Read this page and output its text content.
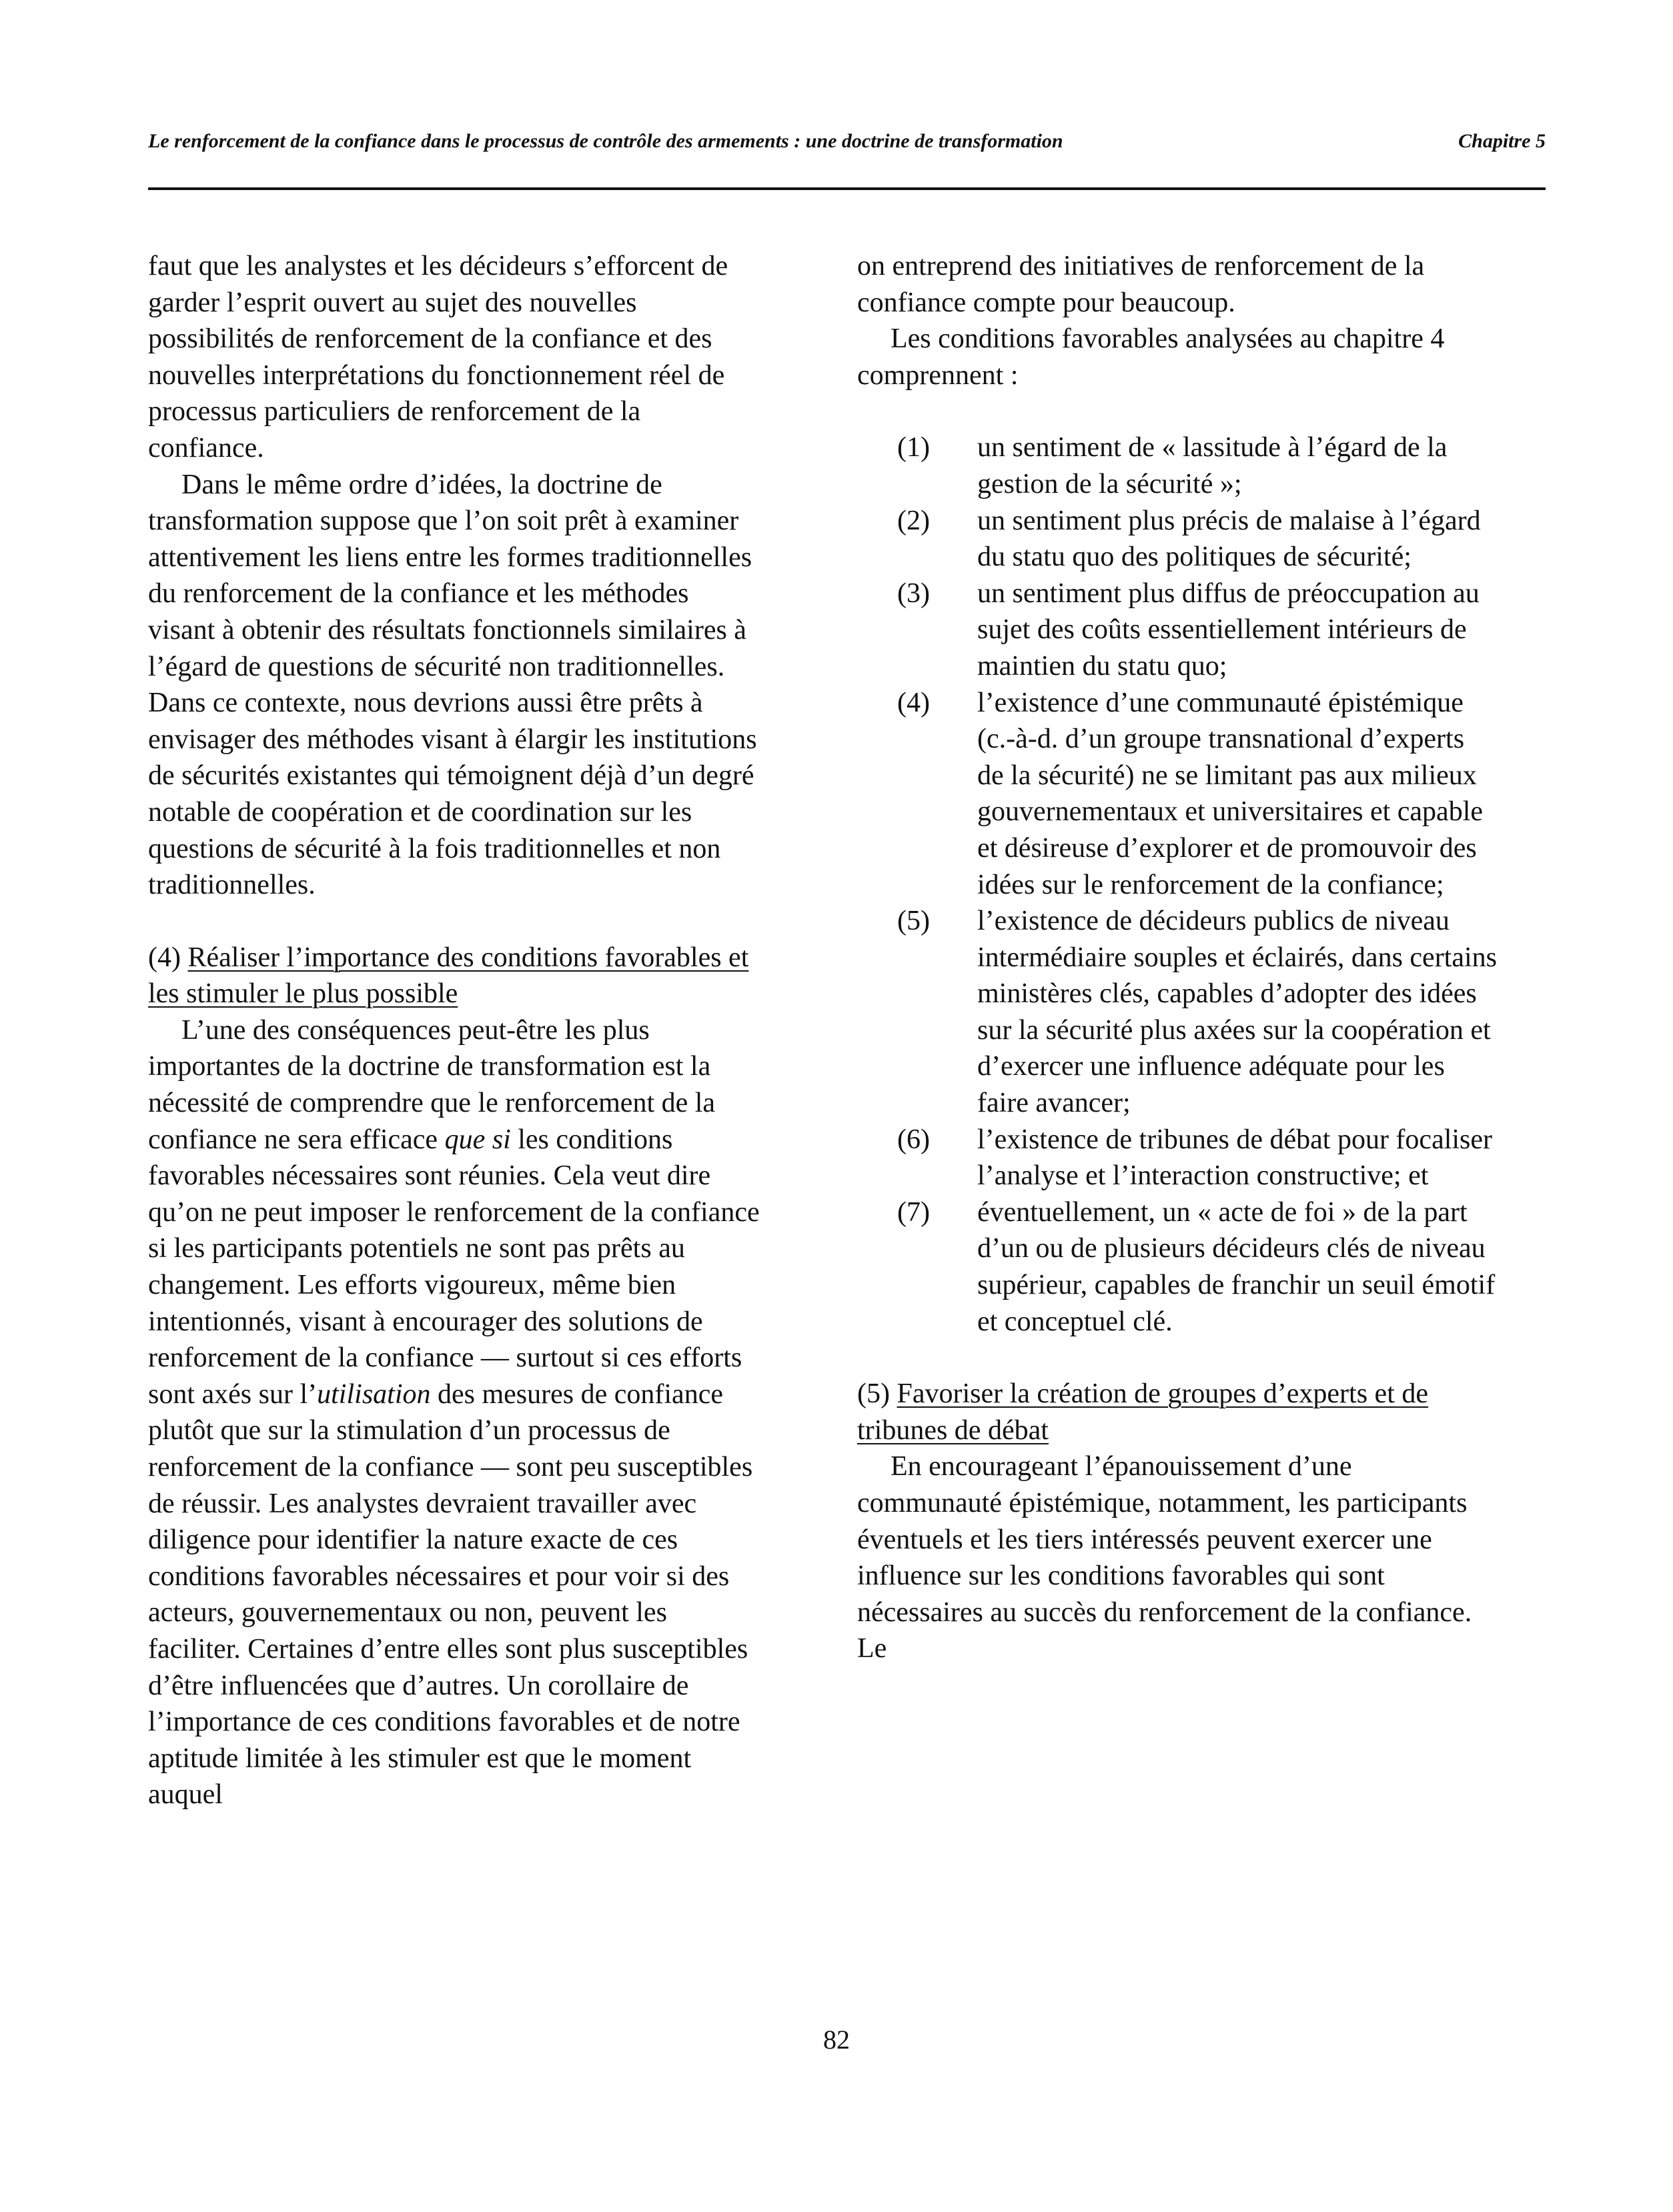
Le renforcement de la confiance dans le processus de contrôle des armements : une doctrine de transformation	Chapitre 5

faut que les analystes et les décideurs s’efforcent de garder l’esprit ouvert au sujet des nouvelles possibilités de renforcement de la confiance et des nouvelles interprétations du fonctionnement réel de processus particuliers de renforcement de la confiance.

Dans le même ordre d’idées, la doctrine de transformation suppose que l’on soit prêt à examiner attentivement les liens entre les formes traditionnelles du renforcement de la confiance et les méthodes visant à obtenir des résultats fonctionnels similaires à l’égard de questions de sécurité non traditionnelles. Dans ce contexte, nous devrions aussi être prêts à envisager des méthodes visant à élargir les institutions de sécurités existantes qui témoignent déjà d’un degré notable de coopération et de coordination sur les questions de sécurité à la fois traditionnelles et non traditionnelles.

(4) Réaliser l’importance des conditions favorables et les stimuler le plus possible

L’une des conséquences peut-être les plus importantes de la doctrine de transformation est la nécessité de comprendre que le renforcement de la confiance ne sera efficace que si les conditions favorables nécessaires sont réunies. Cela veut dire qu’on ne peut imposer le renforcement de la confiance si les participants potentiels ne sont pas prêts au changement. Les efforts vigoureux, même bien intentionnés, visant à encourager des solutions de renforcement de la confiance — surtout si ces efforts sont axés sur l’utilisation des mesures de confiance plutôt que sur la stimulation d’un processus de renforcement de la confiance — sont peu susceptibles de réussir. Les analystes devraient travailler avec diligence pour identifier la nature exacte de ces conditions favorables nécessaires et pour voir si des acteurs, gouvernementaux ou non, peuvent les faciliter. Certaines d’entre elles sont plus susceptibles d’être influencées que d’autres. Un corollaire de l’importance de ces conditions favorables et de notre aptitude limitée à les stimuler est que le moment auquel

on entreprend des initiatives de renforcement de la confiance compte pour beaucoup.

Les conditions favorables analysées au chapitre 4 comprennent :

(1) un sentiment de « lassitude à l’égard de la gestion de la sécurité »;
(2) un sentiment plus précis de malaise à l’égard du statu quo des politiques de sécurité;
(3) un sentiment plus diffus de préoccupation au sujet des coûts essentiellement intérieurs de maintien du statu quo;
(4) l’existence d’une communauté épistémique (c.-à-d. d’un groupe transnational d’experts de la sécurité) ne se limitant pas aux milieux gouvernementaux et universitaires et capable et désireuse d’explorer et de promouvoir des idées sur le renforcement de la confiance;
(5) l’existence de décideurs publics de niveau intermédiaire souples et éclairés, dans certains ministères clés, capables d’adopter des idées sur la sécurité plus axées sur la coopération et d’exercer une influence adéquate pour les faire avancer;
(6) l’existence de tribunes de débat pour focaliser l’analyse et l’interaction constructive; et
(7) éventuellement, un « acte de foi » de la part d’un ou de plusieurs décideurs clés de niveau supérieur, capables de franchir un seuil émotif et conceptuel clé.

(5) Favoriser la création de groupes d’experts et de tribunes de débat

En encourageant l’épanouissement d’une communauté épistémique, notamment, les participants éventuels et les tiers intéressés peuvent exercer une influence sur les conditions favorables qui sont nécessaires au succès du renforcement de la confiance. Le

82
